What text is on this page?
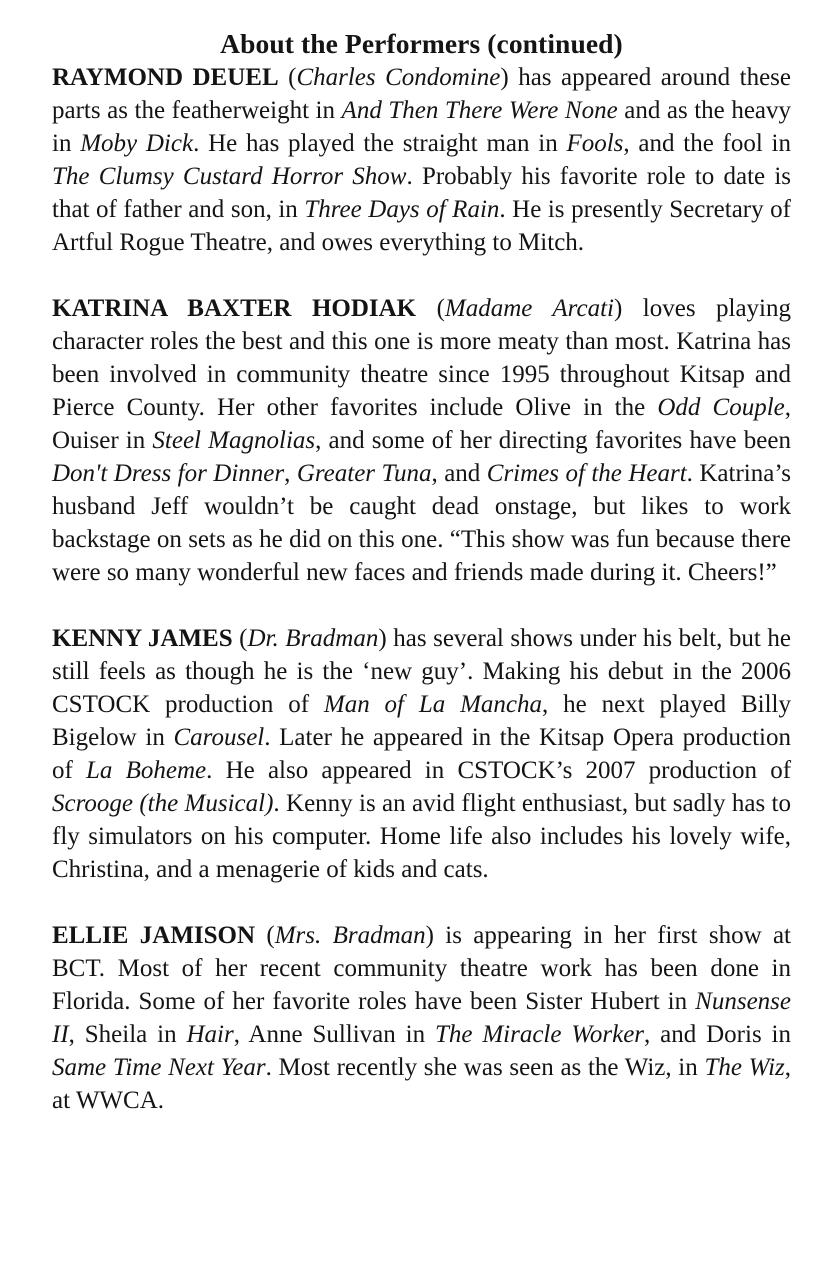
About the Performers (continued)

RAYMOND DEUEL (Charles Condomine) has appeared around these parts as the featherweight in And Then There Were None and as the heavy in Moby Dick. He has played the straight man in Fools, and the fool in The Clumsy Custard Horror Show. Probably his favorite role to date is that of father and son, in Three Days of Rain. He is presently Secretary of Artful Rogue Theatre, and owes everything to Mitch.

KATRINA BAXTER HODIAK (Madame Arcati) loves playing character roles the best and this one is more meaty than most. Katrina has been involved in community theatre since 1995 throughout Kitsap and Pierce County. Her other favorites include Olive in the Odd Couple, Ouiser in Steel Magnolias, and some of her directing favorites have been Don't Dress for Dinner, Greater Tuna, and Crimes of the Heart. Katrina’s husband Jeff wouldn’t be caught dead onstage, but likes to work backstage on sets as he did on this one. “This show was fun because there were so many wonderful new faces and friends made during it. Cheers!”

KENNY JAMES (Dr. Bradman) has several shows under his belt, but he still feels as though he is the ‘new guy’. Making his debut in the 2006 CSTOCK production of Man of La Mancha, he next played Billy Bigelow in Carousel. Later he appeared in the Kitsap Opera production of La Boheme. He also appeared in CSTOCK’s 2007 production of Scrooge (the Musical). Kenny is an avid flight enthusiast, but sadly has to fly simulators on his computer. Home life also includes his lovely wife, Christina, and a menagerie of kids and cats.

ELLIE JAMISON (Mrs. Bradman) is appearing in her first show at BCT. Most of her recent community theatre work has been done in Florida. Some of her favorite roles have been Sister Hubert in Nunsense II, Sheila in Hair, Anne Sullivan in The Miracle Worker, and Doris in Same Time Next Year. Most recently she was seen as the Wiz, in The Wiz, at WWCA.
